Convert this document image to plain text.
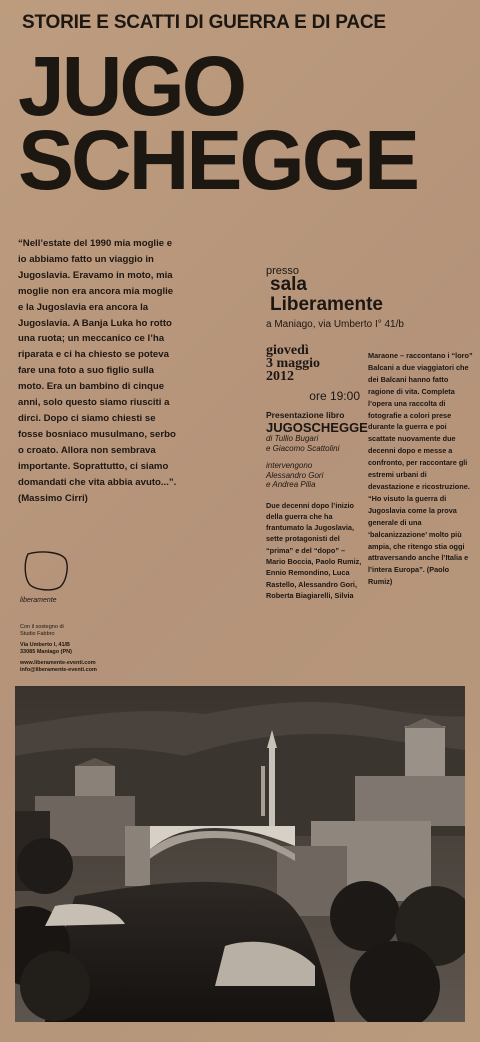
STORIE E SCATTI DI GUERRA E DI PACE
JUGO
SCHEGGE
“Nell’estate del 1990 mia moglie e io abbiamo fatto un viaggio in Jugoslavia. Eravamo in moto, mia moglie non era ancora mia moglie e la Jugoslavia era ancora la Jugoslavia. A Banja Luka ho rotto una ruota; un meccanico ce l’ha riparata e ci ha chiesto se poteva fare una foto a suo figlio sulla moto. Era un bambino di cinque anni, solo questo siamo riusciti a dirci. Dopo ci siamo chiesti se fosse bosniaco musulmano, serbo o croato. Allora non sembrava importante. Soprattutto, ci siamo domandati che vita abbia avuto...”. (Massimo Cirri)
presso
sala
Liberamente
a Maniago, via Umberto I° 41/b
giovedì
3 maggio
2012
ore 19:00
Presentazione libro
JUGOSCHEGGE
di Tullio Bugari
e Giacomo Scattolini
intervengono
Alessandro Gori
e Andrea Pilia
Due decenni dopo l’inizio della guerra che ha frantumato la Jugoslavia, sette protagonisti del “prima” e del “dopo” – Mario Boccia, Paolo Rumiz, Ennio Remondino, Luca Rastello, Alessandro Gori, Roberta Biagiarelli, Silvia
Maraone – raccontano i “loro” Balcani a due viaggiatori che dei Balcani hanno fatto ragione di vita. Completa l’opera una raccolta di fotografie a colori prese durante la guerra e poi scattate nuovamente due decenni dopo e messe a confronto, per raccontare gli estremi urbani di devastazione e ricostruzione. “Ho visuto la guerra di Jugoslavia come la prova generale di una ‘balcanizzazione’ molto più ampia, che ritengo stia oggi attraversando anche l’Italia e l’intera Europa”. (Paolo Rumiz)
liberamente
Con il sostegno di
Studio Fabbro
Via Umberto I, 41/B
33085 Maniago (PN)
www.liberamente-eventi.com
info@liberamente-eventi.com
